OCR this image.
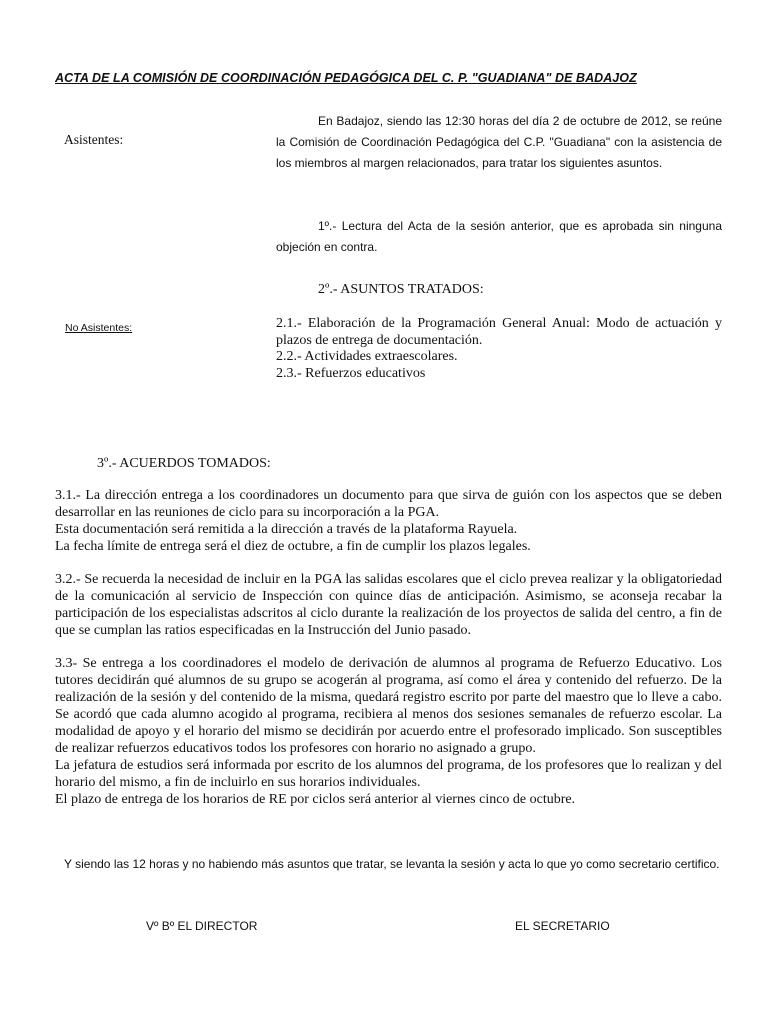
ACTA DE LA COMISIÓN DE COORDINACIÓN PEDAGÓGICA DEL C. P. "GUADIANA" DE BADAJOZ
Asistentes:
No Asistentes:
En Badajoz, siendo las 12:30 horas del día 2 de octubre de 2012, se reúne la Comisión de Coordinación Pedagógica del C.P. "Guadiana" con la asistencia de los miembros al margen relacionados, para tratar los siguientes asuntos.
1º.- Lectura del Acta de la sesión anterior, que es aprobada sin ninguna objeción en contra.
2º.- ASUNTOS TRATADOS:
2.1.- Elaboración de la Programación General Anual: Modo de actuación y plazos de entrega de documentación.
2.2.- Actividades extraescolares.
2.3.- Refuerzos educativos
3º.- ACUERDOS TOMADOS:

3.1.- La dirección entrega a los coordinadores un documento para que sirva de guión con los aspectos que se deben desarrollar en las reuniones de ciclo para su incorporación a la PGA.

Esta documentación será remitida a la dirección a través de la plataforma Rayuela.

La fecha límite de entrega será el diez de octubre, a fin de cumplir los plazos legales.

3.2.- Se recuerda la necesidad de incluir en la PGA las salidas escolares que el ciclo prevea realizar y la obligatoriedad de la comunicación al servicio de Inspección con quince días de anticipación. Asimismo, se aconseja recabar la participación de los especialistas adscritos al ciclo durante la realización de los proyectos de salida del centro, a fin de que se cumplan las ratios especificadas en la Instrucción del Junio pasado.

3.3- Se entrega a los coordinadores el modelo de derivación de alumnos al programa de Refuerzo Educativo. Los tutores decidirán qué alumnos de su grupo se acogerán al programa, así como el área y contenido del refuerzo. De la realización de la sesión y del contenido de la misma, quedará registro escrito por parte del maestro que lo lleve a cabo. Se acordó que cada alumno acogido al programa, recibiera al menos dos sesiones semanales de refuerzo escolar. La modalidad de apoyo y el horario del mismo se decidirán por acuerdo entre el profesorado implicado. Son susceptibles de realizar refuerzos educativos todos los profesores con horario no asignado a grupo.

La jefatura de estudios será informada por escrito de los alumnos del programa, de los profesores que lo realizan y del horario del mismo, a fin de incluirlo en sus horarios individuales.

El plazo de entrega de los horarios de RE por ciclos será anterior al viernes cinco de octubre.

Y siendo las 12 horas y no habiendo más asuntos que tratar, se levanta la sesión y acta lo que yo como secretario certifico.
Vº Bº EL DIRECTOR	EL SECRETARIO
